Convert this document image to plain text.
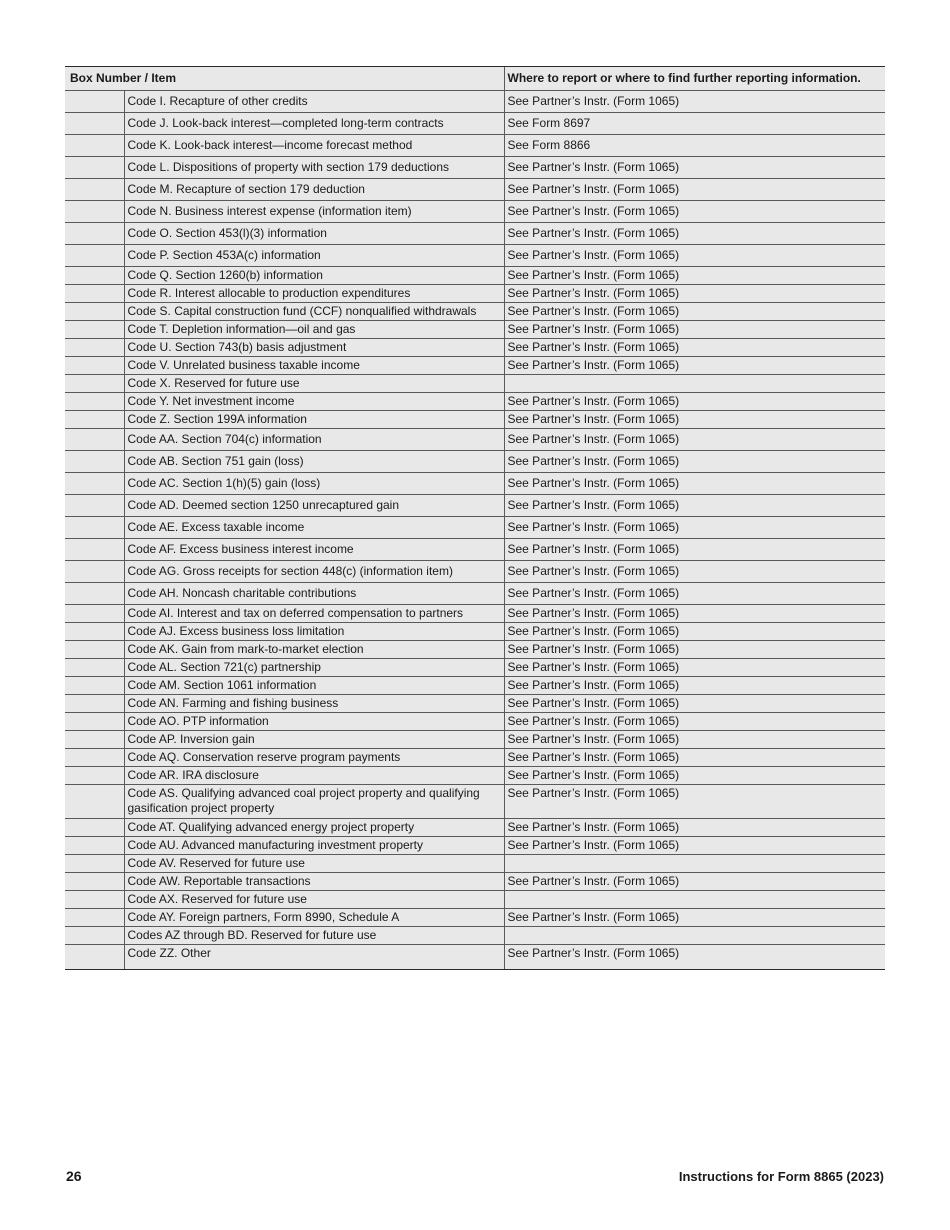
Box Number / Item		Where to report or where to find further reporting information.
	Code I. Recapture of other credits	See Partner’s Instr. (Form 1065)
	Code J. Look-back interest—completed long-term contracts	See Form 8697
	Code K. Look-back interest—income forecast method	See Form 8866
	Code L. Dispositions of property with section 179 deductions	See Partner’s Instr. (Form 1065)
	Code M. Recapture of section 179 deduction	See Partner’s Instr. (Form 1065)
	Code N. Business interest expense (information item)	See Partner’s Instr. (Form 1065)
	Code O. Section 453(l)(3) information	See Partner’s Instr. (Form 1065)
	Code P. Section 453A(c) information	See Partner’s Instr. (Form 1065)
	Code Q. Section 1260(b) information	See Partner’s Instr. (Form 1065)
	Code R. Interest allocable to production expenditures	See Partner’s Instr. (Form 1065)
	Code S. Capital construction fund (CCF) nonqualified withdrawals	See Partner’s Instr. (Form 1065)
	Code T. Depletion information—oil and gas	See Partner’s Instr. (Form 1065)
	Code U. Section 743(b) basis adjustment	See Partner’s Instr. (Form 1065)
	Code V. Unrelated business taxable income	See Partner’s Instr. (Form 1065)
	Code X. Reserved for future use	
	Code Y. Net investment income	See Partner’s Instr. (Form 1065)
	Code Z. Section 199A information	See Partner’s Instr. (Form 1065)
	Code AA. Section 704(c) information	See Partner’s Instr. (Form 1065)
	Code AB. Section 751 gain (loss)	See Partner’s Instr. (Form 1065)
	Code AC. Section 1(h)(5) gain (loss)	See Partner’s Instr. (Form 1065)
	Code AD. Deemed section 1250 unrecaptured gain	See Partner’s Instr. (Form 1065)
	Code AE. Excess taxable income	See Partner’s Instr. (Form 1065)
	Code AF. Excess business interest income	See Partner’s Instr. (Form 1065)
	Code AG. Gross receipts for section 448(c) (information item)	See Partner’s Instr. (Form 1065)
	Code AH. Noncash charitable contributions	See Partner’s Instr. (Form 1065)
	Code AI. Interest and tax on deferred compensation to partners	See Partner’s Instr. (Form 1065)
	Code AJ. Excess business loss limitation	See Partner’s Instr. (Form 1065)
	Code AK. Gain from mark-to-market election	See Partner’s Instr. (Form 1065)
	Code AL. Section 721(c) partnership	See Partner’s Instr. (Form 1065)
	Code AM. Section 1061 information	See Partner’s Instr. (Form 1065)
	Code AN. Farming and fishing business	See Partner’s Instr. (Form 1065)
	Code AO. PTP information	See Partner’s Instr. (Form 1065)
	Code AP. Inversion gain	See Partner’s Instr. (Form 1065)
	Code AQ. Conservation reserve program payments	See Partner’s Instr. (Form 1065)
	Code AR. IRA disclosure	See Partner’s Instr. (Form 1065)
	Code AS. Qualifying advanced coal project property and qualifying gasification project property	See Partner’s Instr. (Form 1065)
	Code AT. Qualifying advanced energy project property	See Partner’s Instr. (Form 1065)
	Code AU. Advanced manufacturing investment property	See Partner’s Instr. (Form 1065)
	Code AV. Reserved for future use	
	Code AW. Reportable transactions	See Partner’s Instr. (Form 1065)
	Code AX. Reserved for future use	
	Code AY. Foreign partners, Form 8990, Schedule A	See Partner’s Instr. (Form 1065)
	Codes AZ through BD. Reserved for future use	
	Code ZZ. Other	See Partner’s Instr. (Form 1065)
26	Instructions for Form 8865 (2023)
